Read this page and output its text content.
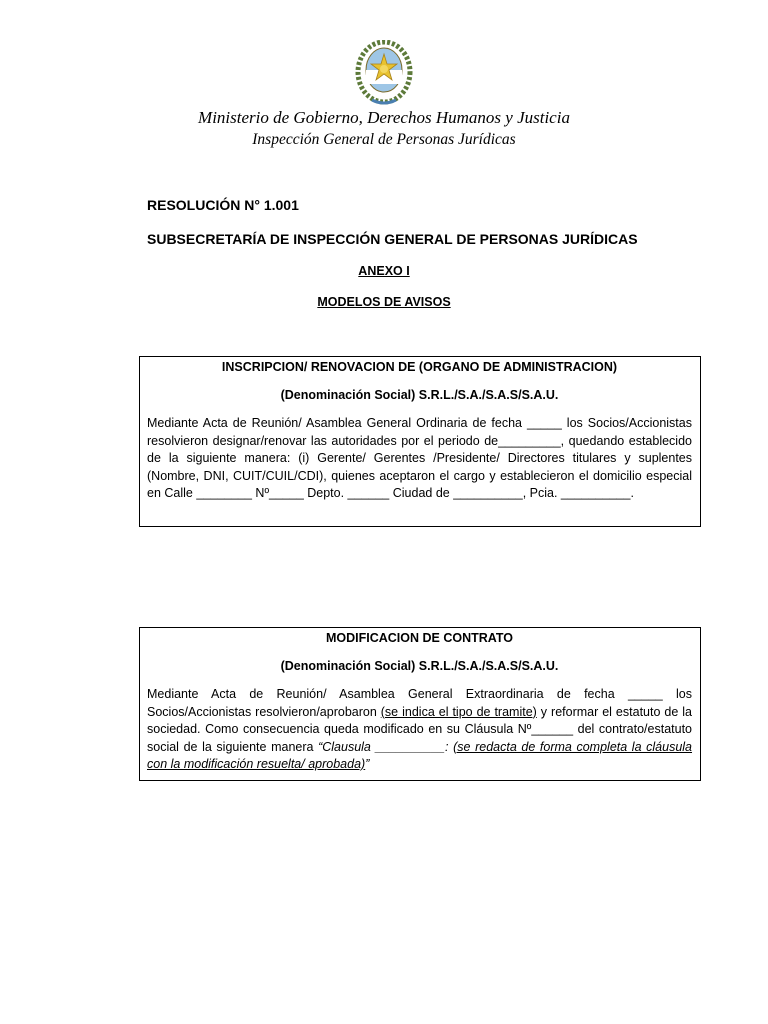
Ministerio de Gobierno, Derechos Humanos y Justicia
Inspección General de Personas Jurídicas
RESOLUCIÓN N° 1.001
SUBSECRETARÍA DE INSPECCIÓN GENERAL DE PERSONAS JURÍDICAS
ANEXO I
MODELOS DE AVISOS
INSCRIPCION/ RENOVACION DE (ORGANO DE ADMINISTRACION)
(Denominación Social) S.R.L./S.A./S.A.S/S.A.U.
Mediante Acta de Reunión/ Asamblea General Ordinaria de fecha _____ los Socios/Accionistas resolvieron designar/renovar las autoridades por el periodo de_________, quedando establecido de la siguiente manera: (i) Gerente/ Gerentes /Presidente/ Directores titulares y suplentes (Nombre, DNI, CUIT/CUIL/CDI), quienes aceptaron el cargo y establecieron el domicilio especial en Calle ________ Nº_____ Depto. ______ Ciudad de __________, Pcia. __________.
MODIFICACION DE CONTRATO
(Denominación Social) S.R.L./S.A./S.A.S/S.A.U.
Mediante Acta de Reunión/ Asamblea General Extraordinaria de fecha _____ los Socios/Accionistas resolvieron/aprobaron (se indica el tipo de tramite) y reformar el estatuto de la sociedad. Como consecuencia queda modificado en su Cláusula Nº______ del contrato/estatuto social de la siguiente manera “Clausula __________: (se redacta de forma completa la cláusula con la modificación resuelta/ aprobada)”
